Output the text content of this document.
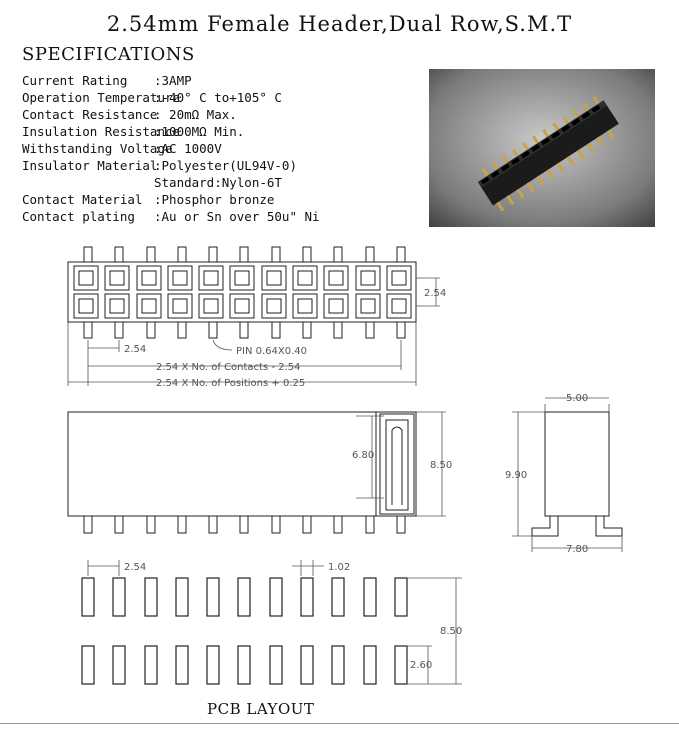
2.54mm Female Header,Dual Row,S.M.T
SPECIFICATIONS
Current Rating	:3AMP
Operation Temperature
:-40° C to+105° C
Contact Resistance
: 20mΩ Max.
Insulation Resistance
:1000MΩ Min.
Withstanding Voltage
:AC 1000V
Insulator Material
:Polyester(UL94V-0)
Standard:Nylon-6T
Contact Material :Phosphor bronze
Contact plating	:Au or Sn over 50u" Ni
2.54
2.54	PIN 0.64X0.40
2.54 X No. of Contacts - 2.54
2.54 X No. of Positions + 0.25
6.80
8.50
5.00
9.90
7.80
2.54	1.02
8.50
2.60
PCB LAYOUT
